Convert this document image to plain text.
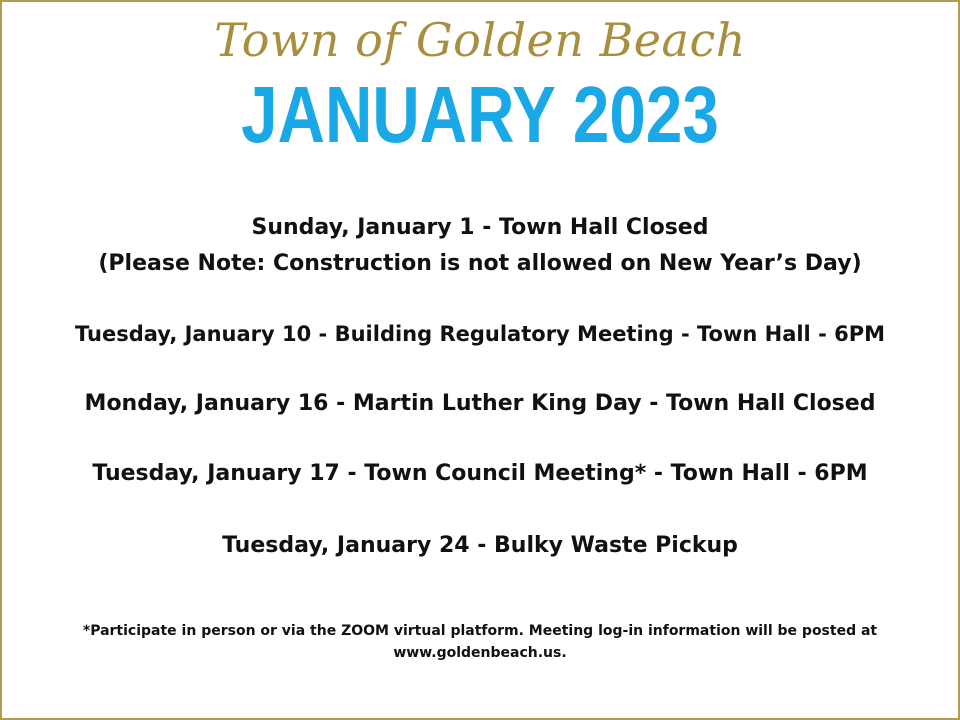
Town of Golden Beach
JANUARY 2023
Sunday, January 1 - Town Hall Closed
(Please Note: Construction is not allowed on New Year’s Day)
Tuesday, January 10 - Building Regulatory Meeting - Town Hall - 6PM
Monday, January 16 - Martin Luther King Day - Town Hall Closed
Tuesday, January 17 - Town Council Meeting* - Town Hall - 6PM
Tuesday, January 24 - Bulky Waste Pickup
*Participate in person or via the ZOOM virtual platform. Meeting log-in information will be posted at
www.goldenbeach.us.
